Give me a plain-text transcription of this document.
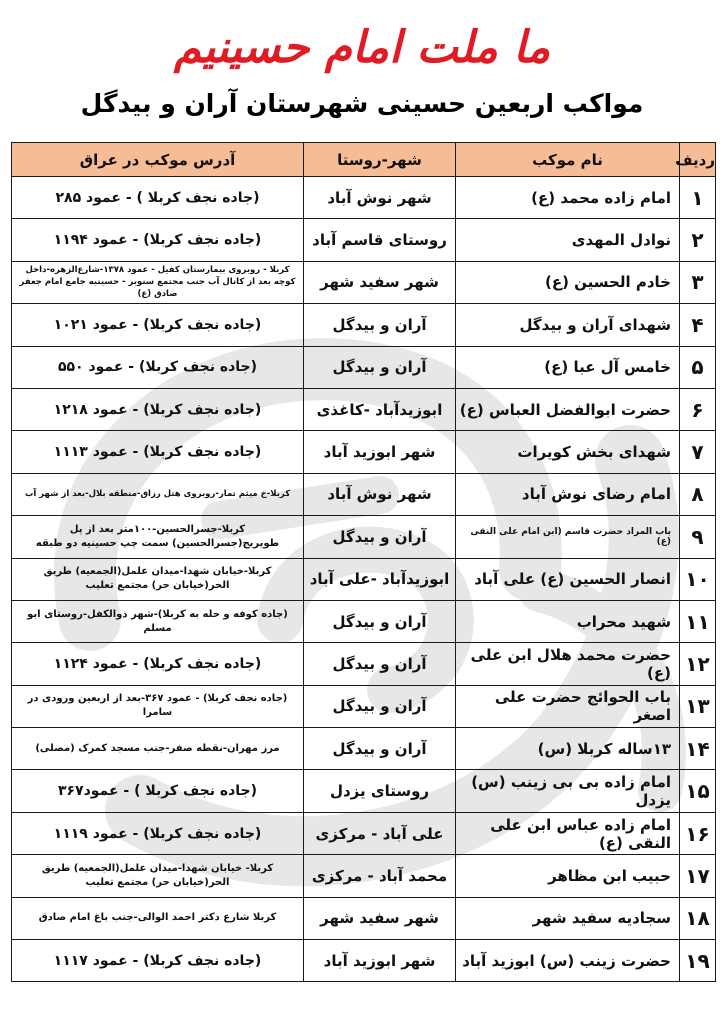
ما ملت امام حسینیم
مواکب اربعین حسینی شهرستان آران و بیدگل
ردیف	نام موکب	شهر-روستا	آدرس موکب در عراق
۱	امام زاده محمد (ع)	شهر نوش آباد	(جاده نجف کربلا ) - عمود ۲۸۵
۲	نوادل المهدی	روستای قاسم آباد	(جاده نجف کربلا) - عمود ۱۱۹۴
۳	خادم الحسین (ع)	شهر سفید شهر	کربلا - روبروی بیمارستان کفیل - عمود ۱۳۷۸-شارع‌الزهره-داخل کوچه بعد از کانال آب جنب مجتمع سنوبر - حسینیه جامع امام جعفر صادق (ع)
۴	شهدای آران و بیدگل	آران و بیدگل	(جاده نجف کربلا) - عمود ۱۰۲۱
۵	خامس آل عبا (ع)	آران و بیدگل	(جاده نجف کربلا) - عمود ۵۵۰
۶	حضرت ابوالفضل العباس (ع)	ابوزیدآباد -کاغذی	(جاده نجف کربلا) - عمود ۱۲۱۸
۷	شهدای بخش کویرات	شهر ابوزید آباد	(جاده نجف کربلا) - عمود ۱۱۱۳
۸	امام رضای نوش آباد	شهر نوش آباد	کربلا-خ میثم تمار-روبروی هتل رزاق-منطقه بلال-بعد از شهر آب
۹	باب المراد حضرت قاسم (ابن امام علی النقی (ع)	آران و بیدگل	کربلا-جسرالحسین-۱۰۰متر بعد از پل طویریج(جسرالحسین) سمت چپ حسینیه دو طبقه
۱۰	انصار الحسین (ع) علی آباد	ابوزیدآباد -علی آباد	کربلا-خیابان شهدا-میدان علمل(الجمعیه) طریق الحر(خیابان حر) مجتمع تعلیب
۱۱	شهید محراب	آران و بیدگل	(جاده کوفه و حله به کربلا)-شهر ذوالکفل-روستای ابو مسلم
۱۲	حضرت محمد هلال ابن علی (ع)	آران و بیدگل	(جاده نجف کربلا) - عمود ۱۱۲۴
۱۳	باب الحوائج حضرت علی اصغر	آران و بیدگل	(جاده نجف کربلا) - عمود ۳۶۷-بعد از اربعین ورودی در سامرا
۱۴	۱۳ساله کربلا (س)	آران و بیدگل	مرز مهران-نقطه صفر-جنب مسجد کمرک (مصلی)
۱۵	امام زاده بی بی زینب (س) یزدل	روستای یزدل	(جاده نجف کربلا ) - عمود۳۶۷
۱۶	امام زاده عباس ابن علی النقی (ع)	علی آباد - مرکزی	(جاده نجف کربلا) - عمود ۱۱۱۹
۱۷	حبیب ابن مظاهر	محمد آباد - مرکزی	کربلا- خیابان شهدا-میدان علمل(الجمعیه) طریق الحر(خیابان حر) مجتمع تعلیب
۱۸	سجادیه سفید شهر	شهر سفید شهر	کربلا شارع دکتر احمد الوالی-جنب باغ امام صادق
۱۹	حضرت زینب (س) ابوزید آباد	شهر ابوزید آباد	(جاده نجف کربلا) - عمود ۱۱۱۷
